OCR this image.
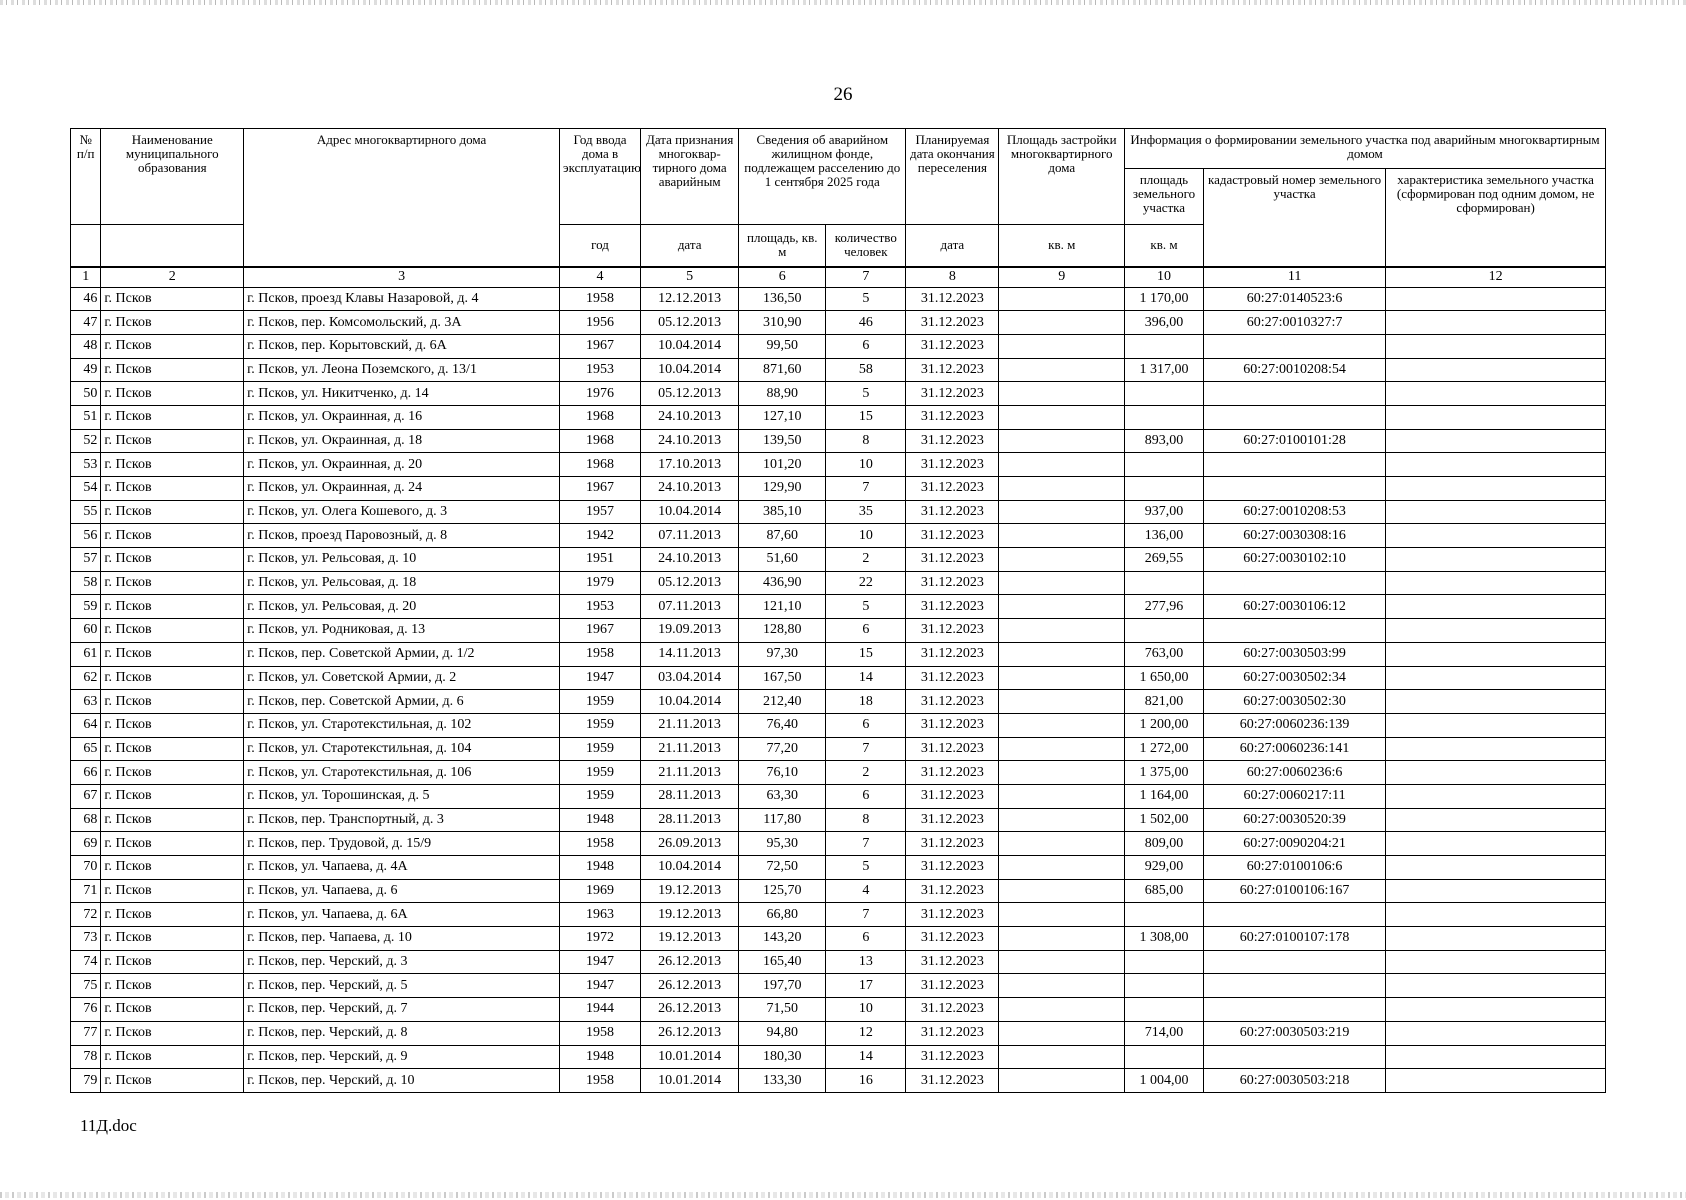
26
№ п/п	Наименование муниципального образования	Адрес многоквартирного дома	Год ввода дома в эксплуатацию	Дата признания многоквар-тирного дома аварийным	Сведения об аварийном жилищном фонде, подлежащем расселению до 1 сентября 2025 года		Планируемая дата окончания переселения	Площадь застройки многоквартирного дома	Информация о формировании земельного участка под аварийным многоквартирным домом		
									площадь земельного участка	кадастровый номер земельного участка	характеристика земельного участка (сформирован под одним домом, не сформирован)
			год	дата	площадь, кв. м	количество человек	дата	кв. м	кв. м		
1	2	3	4	5	6	7	8	9	10	11	12
46	г. Псков	г. Псков, проезд Клавы Назаровой, д. 4	1958	12.12.2013	136,50	5	31.12.2023		1 170,00	60:27:0140523:6	
47	г. Псков	г. Псков, пер. Комсомольский, д. 3А	1956	05.12.2013	310,90	46	31.12.2023		396,00	60:27:0010327:7	
48	г. Псков	г. Псков, пер. Корытовский, д. 6А	1967	10.04.2014	99,50	6	31.12.2023				
49	г. Псков	г. Псков, ул. Леона Поземского, д. 13/1	1953	10.04.2014	871,60	58	31.12.2023		1 317,00	60:27:0010208:54	
50	г. Псков	г. Псков, ул. Никитченко, д. 14	1976	05.12.2013	88,90	5	31.12.2023				
51	г. Псков	г. Псков, ул. Окраинная, д. 16	1968	24.10.2013	127,10	15	31.12.2023				
52	г. Псков	г. Псков, ул. Окраинная, д. 18	1968	24.10.2013	139,50	8	31.12.2023		893,00	60:27:0100101:28	
53	г. Псков	г. Псков, ул. Окраинная, д. 20	1968	17.10.2013	101,20	10	31.12.2023				
54	г. Псков	г. Псков, ул. Окраинная, д. 24	1967	24.10.2013	129,90	7	31.12.2023				
55	г. Псков	г. Псков, ул. Олега Кошевого, д. 3	1957	10.04.2014	385,10	35	31.12.2023		937,00	60:27:0010208:53	
56	г. Псков	г. Псков, проезд Паровозный, д. 8	1942	07.11.2013	87,60	10	31.12.2023		136,00	60:27:0030308:16	
57	г. Псков	г. Псков, ул. Рельсовая, д. 10	1951	24.10.2013	51,60	2	31.12.2023		269,55	60:27:0030102:10	
58	г. Псков	г. Псков, ул. Рельсовая, д. 18	1979	05.12.2013	436,90	22	31.12.2023				
59	г. Псков	г. Псков, ул. Рельсовая, д. 20	1953	07.11.2013	121,10	5	31.12.2023		277,96	60:27:0030106:12	
60	г. Псков	г. Псков, ул. Родниковая, д. 13	1967	19.09.2013	128,80	6	31.12.2023				
61	г. Псков	г. Псков, пер. Советской Армии, д. 1/2	1958	14.11.2013	97,30	15	31.12.2023		763,00	60:27:0030503:99	
62	г. Псков	г. Псков, ул. Советской Армии, д. 2	1947	03.04.2014	167,50	14	31.12.2023		1 650,00	60:27:0030502:34	
63	г. Псков	г. Псков, пер. Советской Армии, д. 6	1959	10.04.2014	212,40	18	31.12.2023		821,00	60:27:0030502:30	
64	г. Псков	г. Псков, ул. Старотекстильная, д. 102	1959	21.11.2013	76,40	6	31.12.2023		1 200,00	60:27:0060236:139	
65	г. Псков	г. Псков, ул. Старотекстильная, д. 104	1959	21.11.2013	77,20	7	31.12.2023		1 272,00	60:27:0060236:141	
66	г. Псков	г. Псков, ул. Старотекстильная, д. 106	1959	21.11.2013	76,10	2	31.12.2023		1 375,00	60:27:0060236:6	
67	г. Псков	г. Псков, ул. Торошинская, д. 5	1959	28.11.2013	63,30	6	31.12.2023		1 164,00	60:27:0060217:11	
68	г. Псков	г. Псков, пер. Транспортный, д. 3	1948	28.11.2013	117,80	8	31.12.2023		1 502,00	60:27:0030520:39	
69	г. Псков	г. Псков, пер. Трудовой, д. 15/9	1958	26.09.2013	95,30	7	31.12.2023		809,00	60:27:0090204:21	
70	г. Псков	г. Псков, ул. Чапаева, д. 4А	1948	10.04.2014	72,50	5	31.12.2023		929,00	60:27:0100106:6	
71	г. Псков	г. Псков, ул. Чапаева, д. 6	1969	19.12.2013	125,70	4	31.12.2023		685,00	60:27:0100106:167	
72	г. Псков	г. Псков, ул. Чапаева, д. 6А	1963	19.12.2013	66,80	7	31.12.2023				
73	г. Псков	г. Псков, пер. Чапаева, д. 10	1972	19.12.2013	143,20	6	31.12.2023		1 308,00	60:27:0100107:178	
74	г. Псков	г. Псков, пер. Черский, д. 3	1947	26.12.2013	165,40	13	31.12.2023				
75	г. Псков	г. Псков, пер. Черский, д. 5	1947	26.12.2013	197,70	17	31.12.2023				
76	г. Псков	г. Псков, пер. Черский, д. 7	1944	26.12.2013	71,50	10	31.12.2023				
77	г. Псков	г. Псков, пер. Черский, д. 8	1958	26.12.2013	94,80	12	31.12.2023		714,00	60:27:0030503:219	
78	г. Псков	г. Псков, пер. Черский, д. 9	1948	10.01.2014	180,30	14	31.12.2023				
79	г. Псков	г. Псков, пер. Черский, д. 10	1958	10.01.2014	133,30	16	31.12.2023		1 004,00	60:27:0030503:218	
11Д.doc
